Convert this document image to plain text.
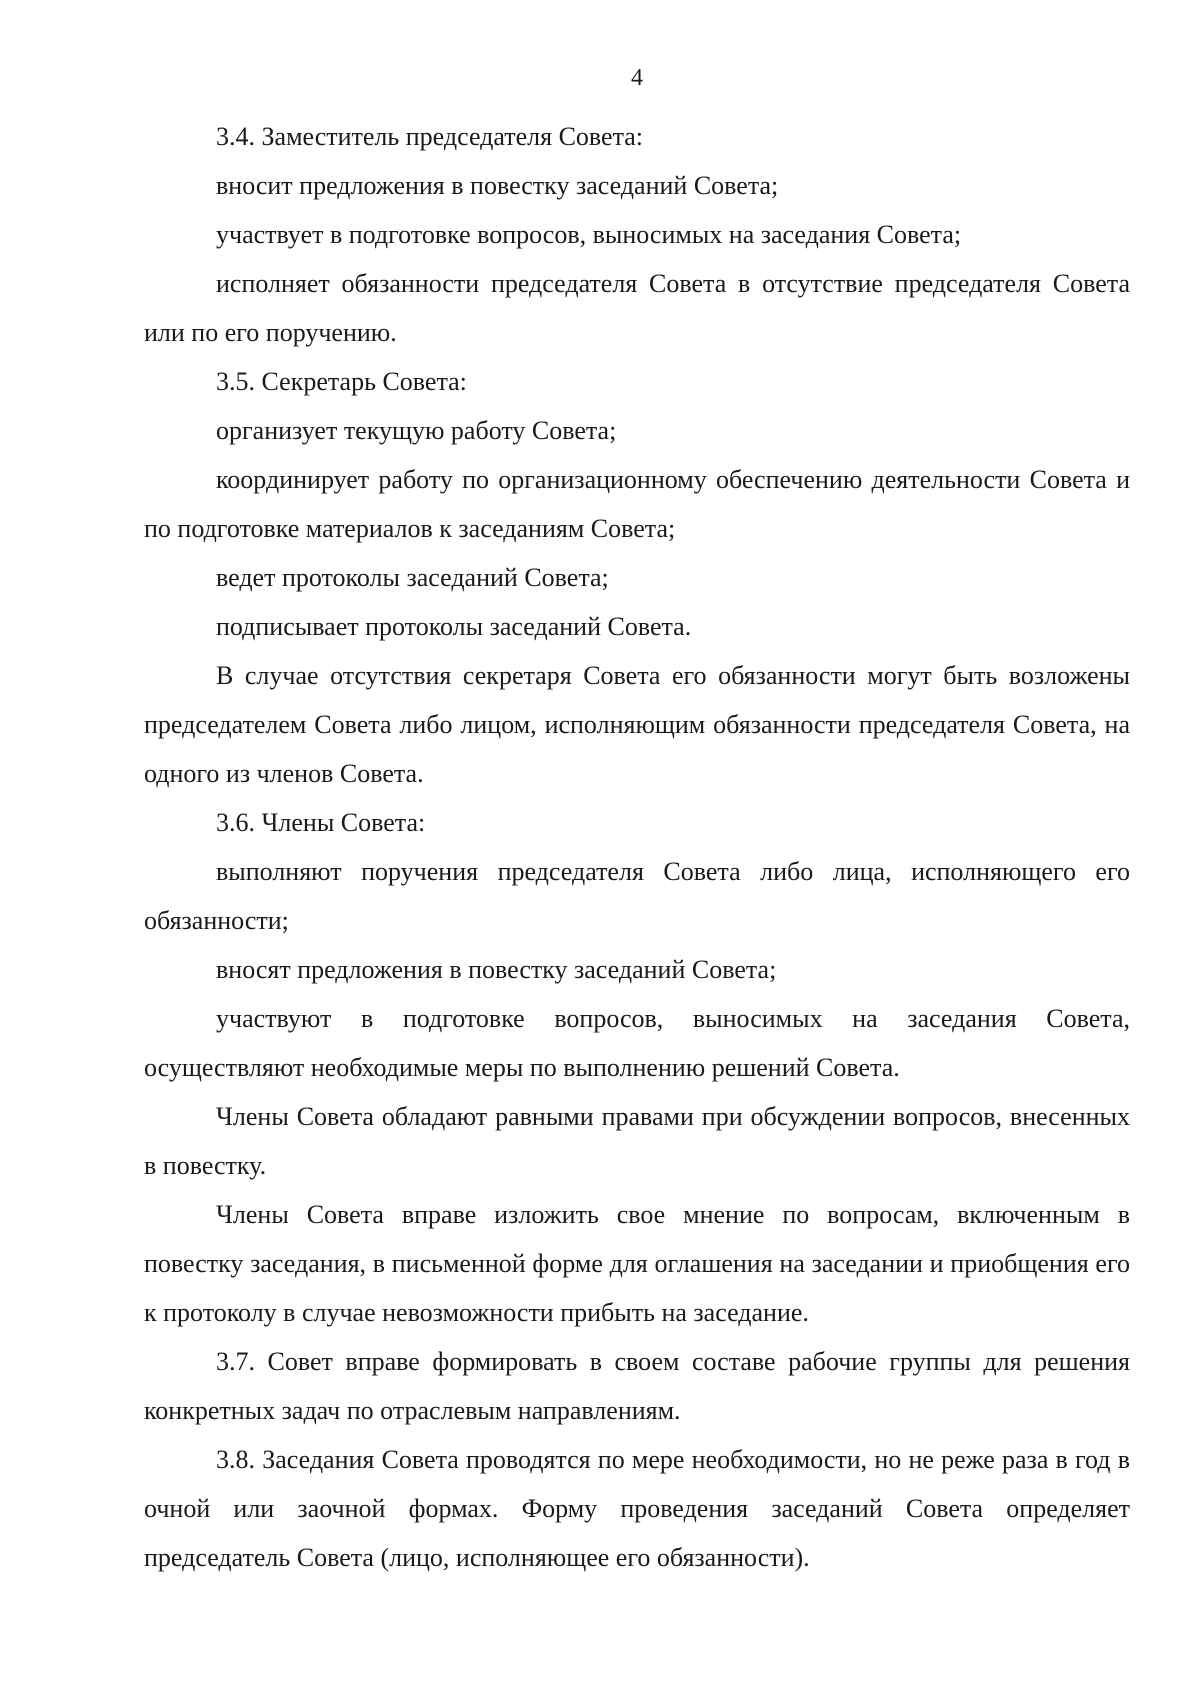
4

3.4. Заместитель председателя Совета:

вносит предложения в повестку заседаний Совета;

участвует в подготовке вопросов, выносимых на заседания Совета;

исполняет обязанности председателя Совета в отсутствие председателя Совета или по его поручению.

3.5. Секретарь Совета:

организует текущую работу Совета;

координирует работу по организационному обеспечению деятельности Совета и по подготовке материалов к заседаниям Совета;

ведет протоколы заседаний Совета;

подписывает протоколы заседаний Совета.

В случае отсутствия секретаря Совета его обязанности могут быть возложены председателем Совета либо лицом, исполняющим обязанности председателя Совета, на одного из членов Совета.

3.6. Члены Совета:

выполняют поручения председателя Совета либо лица, исполняющего его обязанности;

вносят предложения в повестку заседаний Совета;

участвуют в подготовке вопросов, выносимых на заседания Совета, осуществляют необходимые меры по выполнению решений Совета.

Члены Совета обладают равными правами при обсуждении вопросов, внесенных в повестку.

Члены Совета вправе изложить свое мнение по вопросам, включенным в повестку заседания, в письменной форме для оглашения на заседании и приобщения его к протоколу в случае невозможности прибыть на заседание.

3.7. Совет вправе формировать в своем составе рабочие группы для решения конкретных задач по отраслевым направлениям.

3.8. Заседания Совета проводятся по мере необходимости, но не реже раза в год в очной или заочной формах. Форму проведения заседаний Совета определяет председатель Совета (лицо, исполняющее его обязанности).
